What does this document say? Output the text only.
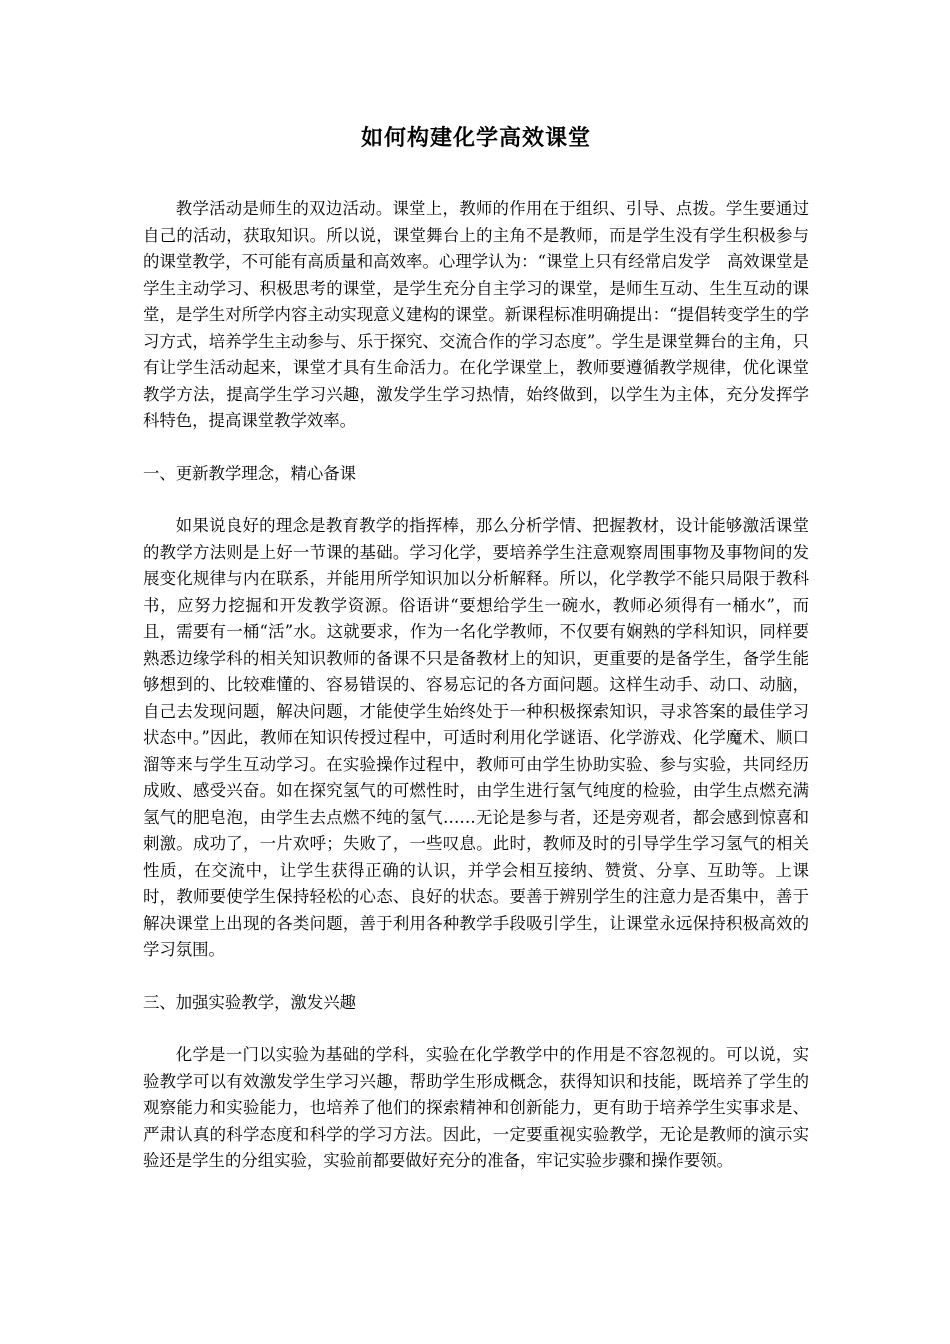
如何构建化学高效课堂

教学活动是师生的双边活动。课堂上，教师的作用在于组织、引导、点拨。学生要通过自己的活动，获取知识。所以说，课堂舞台上的主角不是教师，而是学生没有学生积极参与的课堂教学，不可能有高质量和高效率。心理学认为：“课堂上只有经常启发学　高效课堂是学生主动学习、积极思考的课堂，是学生充分自主学习的课堂，是师生互动、生生互动的课堂，是学生对所学内容主动实现意义建构的课堂。新课程标准明确提出：“提倡转变学生的学习方式，培养学生主动参与、乐于探究、交流合作的学习态度”。学生是课堂舞台的主角，只有让学生活动起来，课堂才具有生命活力。在化学课堂上，教师要遵循教学规律，优化课堂教学方法，提高学生学习兴趣，激发学生学习热情，始终做到，以学生为主体，充分发挥学科特色，提高课堂教学效率。

一、更新教学理念，精心备课

如果说良好的理念是教育教学的指挥棒，那么分析学情、把握教材，设计能够激活课堂的教学方法则是上好一节课的基础。学习化学，要培养学生注意观察周围事物及事物间的发展变化规律与内在联系，并能用所学知识加以分析解释。所以，化学教学不能只局限于教科书，应努力挖掘和开发教学资源。俗语讲“要想给学生一碗水，教师必须得有一桶水”，而且，需要有一桶“活”水。这就要求，作为一名化学教师，不仅要有娴熟的学科知识，同样要熟悉边缘学科的相关知识教师的备课不只是备教材上的知识，更重要的是备学生，备学生能够想到的、比较难懂的、容易错误的、容易忘记的各方面问题。这样生动手、动口、动脑，自己去发现问题，解决问题，才能使学生始终处于一种积极探索知识，寻求答案的最佳学习状态中。”因此，教师在知识传授过程中，可适时利用化学谜语、化学游戏、化学魔术、顺口溜等来与学生互动学习。在实验操作过程中，教师可由学生协助实验、参与实验，共同经历成败、感受兴奋。如在探究氢气的可燃性时，由学生进行氢气纯度的检验，由学生点燃充满氢气的肥皂泡，由学生去点燃不纯的氢气……无论是参与者，还是旁观者，都会感到惊喜和刺激。成功了，一片欢呼；失败了，一些叹息。此时，教师及时的引导学生学习氢气的相关性质，在交流中，让学生获得正确的认识，并学会相互接纳、赞赏、分享、互助等。上课时，教师要使学生保持轻松的心态、良好的状态。要善于辨别学生的注意力是否集中，善于解决课堂上出现的各类问题，善于利用各种教学手段吸引学生，让课堂永远保持积极高效的学习氛围。

三、加强实验教学，激发兴趣

化学是一门以实验为基础的学科，实验在化学教学中的作用是不容忽视的。可以说，实验教学可以有效激发学生学习兴趣，帮助学生形成概念，获得知识和技能，既培养了学生的观察能力和实验能力，也培养了他们的探索精神和创新能力，更有助于培养学生实事求是、严肃认真的科学态度和科学的学习方法。因此，一定要重视实验教学，无论是教师的演示实验还是学生的分组实验，实验前都要做好充分的准备，牢记实验步骤和操作要领。
